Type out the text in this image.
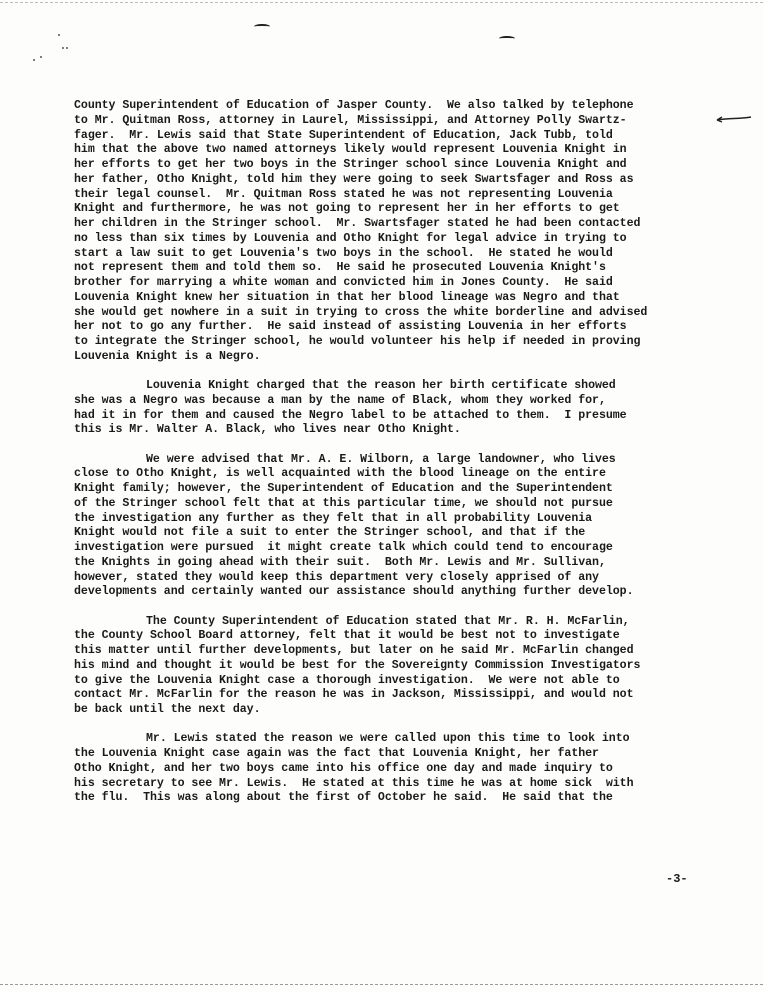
County Superintendent of Education of Jasper County.  We also talked by telephone
to Mr. Quitman Ross, attorney in Laurel, Mississippi, and Attorney Polly Swartz-
fager.  Mr. Lewis said that State Superintendent of Education, Jack Tubb, told
him that the above two named attorneys likely would represent Louvenia Knight in
her efforts to get her two boys in the Stringer school since Louvenia Knight and
her father, Otho Knight, told him they were going to seek Swartsfager and Ross as
their legal counsel.  Mr. Quitman Ross stated he was not representing Louvenia
Knight and furthermore, he was not going to represent her in her efforts to get
her children in the Stringer school.  Mr. Swartsfager stated he had been contacted
no less than six times by Louvenia and Otho Knight for legal advice in trying to
start a law suit to get Louvenia's two boys in the school.  He stated he would
not represent them and told them so.  He said he prosecuted Louvenia Knight's
brother for marrying a white woman and convicted him in Jones County.  He said
Louvenia Knight knew her situation in that her blood lineage was Negro and that
she would get nowhere in a suit in trying to cross the white borderline and advised
her not to go any further.  He said instead of assisting Louvenia in her efforts
to integrate the Stringer school, he would volunteer his help if needed in proving
Louvenia Knight is a Negro.
Louvenia Knight charged that the reason her birth certificate showed
she was a Negro was because a man by the name of Black, whom they worked for,
had it in for them and caused the Negro label to be attached to them.  I presume
this is Mr. Walter A. Black, who lives near Otho Knight.
We were advised that Mr. A. E. Wilborn, a large landowner, who lives
close to Otho Knight, is well acquainted with the blood lineage on the entire
Knight family; however, the Superintendent of Education and the Superintendent
of the Stringer school felt that at this particular time, we should not pursue
the investigation any further as they felt that in all probability Louvenia
Knight would not file a suit to enter the Stringer school, and that if the
investigation were pursued  it might create talk which could tend to encourage
the Knights in going ahead with their suit.  Both Mr. Lewis and Mr. Sullivan,
however, stated they would keep this department very closely apprised of any
developments and certainly wanted our assistance should anything further develop.
The County Superintendent of Education stated that Mr. R. H. McFarlin,
the County School Board attorney, felt that it would be best not to investigate
this matter until further developments, but later on he said Mr. McFarlin changed
his mind and thought it would be best for the Sovereignty Commission Investigators
to give the Louvenia Knight case a thorough investigation.  We were not able to
contact Mr. McFarlin for the reason he was in Jackson, Mississippi, and would not
be back until the next day.
Mr. Lewis stated the reason we were called upon this time to look into
the Louvenia Knight case again was the fact that Louvenia Knight, her father
Otho Knight, and her two boys came into his office one day and made inquiry to
his secretary to see Mr. Lewis.  He stated at this time he was at home sick  with
the flu.  This was along about the first of October he said.  He said that the
-3-
